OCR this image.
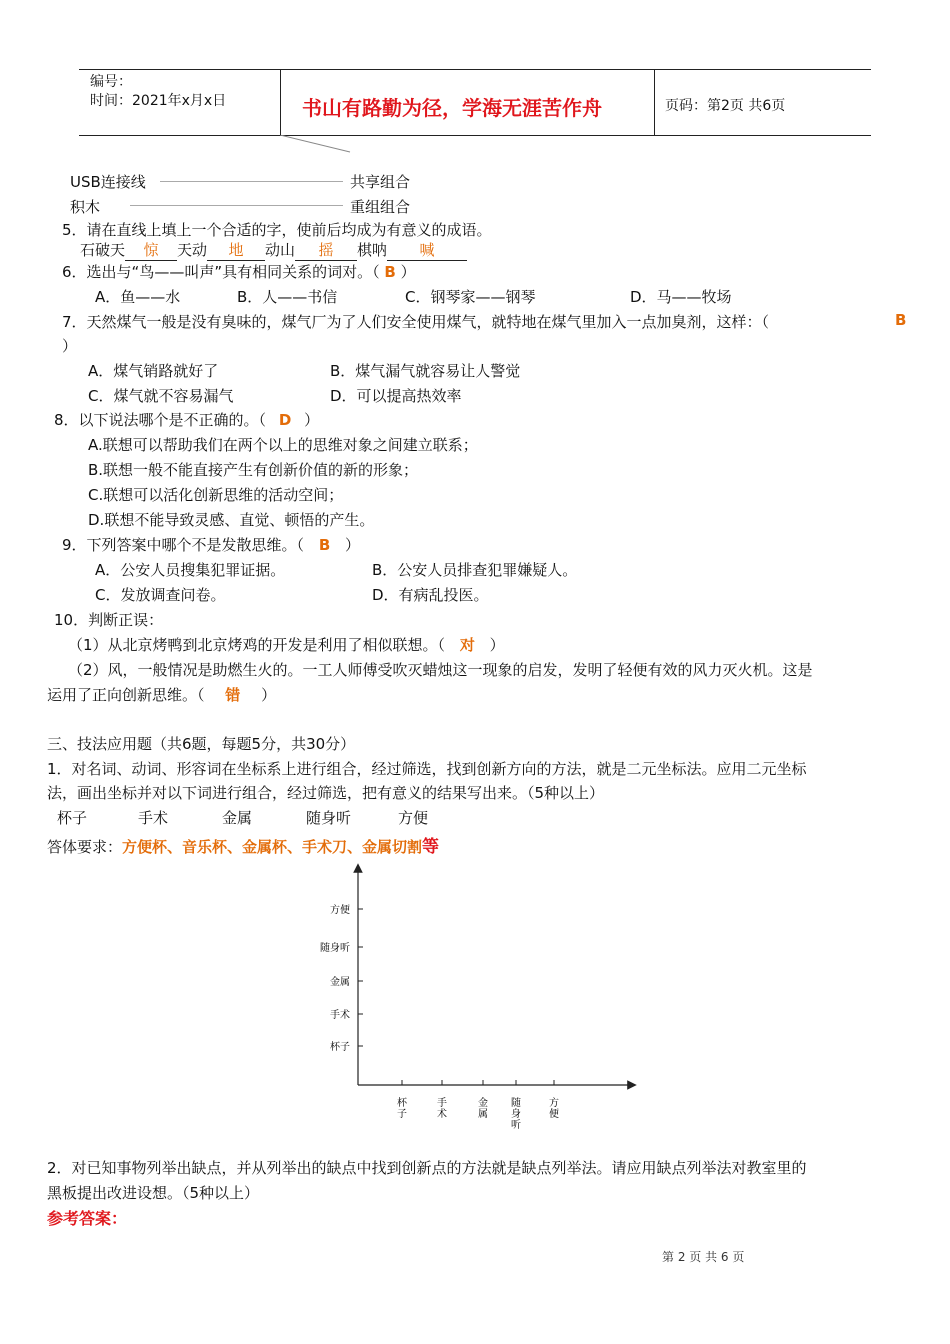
编号：
时间：2021年x月x日	书山有路勤为径，学海无涯苦作舟	页码：第2页 共6页
USB连接线	共享组合
积木	重组组合
5．请在直线上填上一个合适的字，使前后均成为有意义的成语。
石破天 惊 天动 地 动山 摇 棋呐 喊
6．选出与“鸟——叫声”具有相同关系的词对。（ B ）
A．鱼——水	B．人——书信	C．钢琴家——钢琴	D．马——牧场
7．天然煤气一般是没有臭味的，煤气厂为了人们安全使用煤气，就特地在煤气里加入一点加臭剂，这样：（	B
）
A．煤气销路就好了	B．煤气漏气就容易让人警觉
C．煤气就不容易漏气	D．可以提高热效率
8．以下说法哪个是不正确的。（ D ）
A.联想可以帮助我们在两个以上的思维对象之间建立联系；
B.联想一般不能直接产生有创新价值的新的形象；
C.联想可以活化创新思维的活动空间；
D.联想不能导致灵感、直觉、顿悟的产生。
9．下列答案中哪个不是发散思维。（ B ）
A．公安人员搜集犯罪证据。	B．公安人员排查犯罪嫌疑人。
C．发放调查问卷。	D．有病乱投医。
10．判断正误：
（1）从北京烤鸭到北京烤鸡的开发是利用了相似联想。（ 对 ）
（2）风，一般情况是助燃生火的。一工人师傅受吹灭蜡烛这一现象的启发，发明了轻便有效的风力灭火机。这是
运用了正向创新思维。（ 错 ）
三、技法应用题（共6题，每题5分，共30分）
1．对名词、动词、形容词在坐标系上进行组合，经过筛选，找到创新方向的方法，就是二元坐标法。应用二元坐标
法，画出坐标并对以下词进行组合，经过筛选，把有意义的结果写出来。（5种以上）
杯子	手术	金属	随身听	方便
答体要求：方便杯、音乐杯、金属杯、手术刀、金属切割等
方便
随身听
金属
手术
杯子
杯
子
手
术
金
属
随
身
听
方
便
2．对已知事物列举出缺点，并从列举出的缺点中找到创新点的方法就是缺点列举法。请应用缺点列举法对教室里的
黑板提出改进设想。（5种以上）
参考答案：
第 2 页 共 6 页
